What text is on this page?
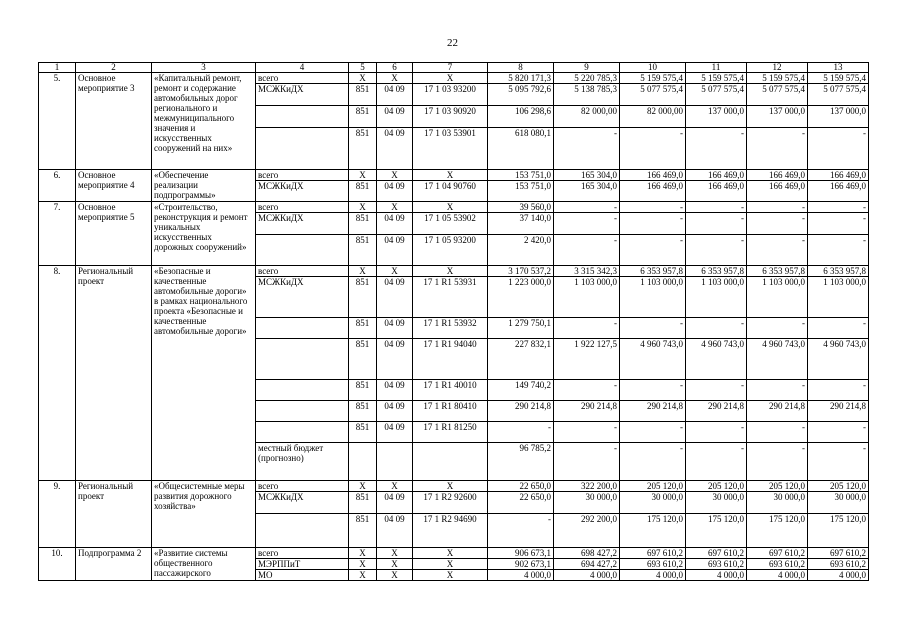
22
1	2	3	4	5	6	7	8	9	10	11	12	13
5.	Основное мероприятие 3	«Капитальный ремонт, ремонт и содержание автомобильных дорог регионального и межмуниципального значения и искусственных сооружений на них»	всего	Х	Х	Х	5 820 171,3	5 220 785,3	5 159 575,4	5 159 575,4	5 159 575,4	5 159 575,4
			МСЖКиДХ	851	04 09	17 1 03 93200	5 095 792,6	5 138 785,3	5 077 575,4	5 077 575,4	5 077 575,4	5 077 575,4
				851	04 09	17 1 03 90920	106 298,6	82 000,00	82 000,00	137 000,0	137 000,0	137 000,0
				851	04 09	17 1 03 53901	618 080,1	-	-	-	-	-
6.	Основное мероприятие 4	«Обеспечение реализации подпрограммы»	всего	Х	Х	Х	153 751,0	165 304,0	166 469,0	166 469,0	166 469,0	166 469,0
			МСЖКиДХ	851	04 09	17 1 04 90760	153 751,0	165 304,0	166 469,0	166 469,0	166 469,0	166 469,0
7.	Основное мероприятие 5	«Строительство, реконструкция и ремонт уникальных искусственных дорожных сооружений»	всего	Х	Х	Х	39 560,0	-	-	-	-	-
			МСЖКиДХ	851	04 09	17 1 05 53902	37 140,0	-	-	-	-	-
				851	04 09	17 1 05 93200	2 420,0	-	-	-	-	-
8.	Региональный проект	«Безопасные и качественные автомобильные дороги» в рамках национального проекта «Безопасные и качественные автомобильные дороги»	всего	Х	Х	Х	3 170 537,2	3 315 342,3	6 353 957,8	6 353 957,8	6 353 957,8	6 353 957,8
			МСЖКиДХ	851	04 09	17 1 R1 53931	1 223 000,0	1 103 000,0	1 103 000,0	1 103 000,0	1 103 000,0	1 103 000,0
				851	04 09	17 1 R1 53932	1 279 750,1	-	-	-	-	-
				851	04 09	17 1 R1 94040	227 832,1	1 922 127,5	4 960 743,0	4 960 743,0	4 960 743,0	4 960 743,0
				851	04 09	17 1 R1 40010	149 740,2	-	-	-	-	-
				851	04 09	17 1 R1 80410	290 214,8	290 214,8	290 214,8	290 214,8	290 214,8	290 214,8
				851	04 09	17 1 R1 81250	-	-	-	-	-	-
			местный бюджет (прогнозно)				96 785,2	-	-	-	-	-
9.	Региональный проект	«Общесистемные меры развития дорожного хозяйства»	всего	Х	Х	Х	22 650,0	322 200,0	205 120,0	205 120,0	205 120,0	205 120,0
			МСЖКиДХ	851	04 09	17 1 R2 92600	22 650,0	30 000,0	30 000,0	30 000,0	30 000,0	30 000,0
				851	04 09	17 1 R2 94690	-	292 200,0	175 120,0	175 120,0	175 120,0	175 120,0
10.	Подпрограмма 2	«Развитие системы общественного пассажирского	всего	Х	Х	Х	906 673,1	698 427,2	697 610,2	697 610,2	697 610,2	697 610,2
			МЭРППиТ	Х	Х	Х	902 673,1	694 427,2	693 610,2	693 610,2	693 610,2	693 610,2
			МО	Х	Х	Х	4 000,0	4 000,0	4 000,0	4 000,0	4 000,0	4 000,0
